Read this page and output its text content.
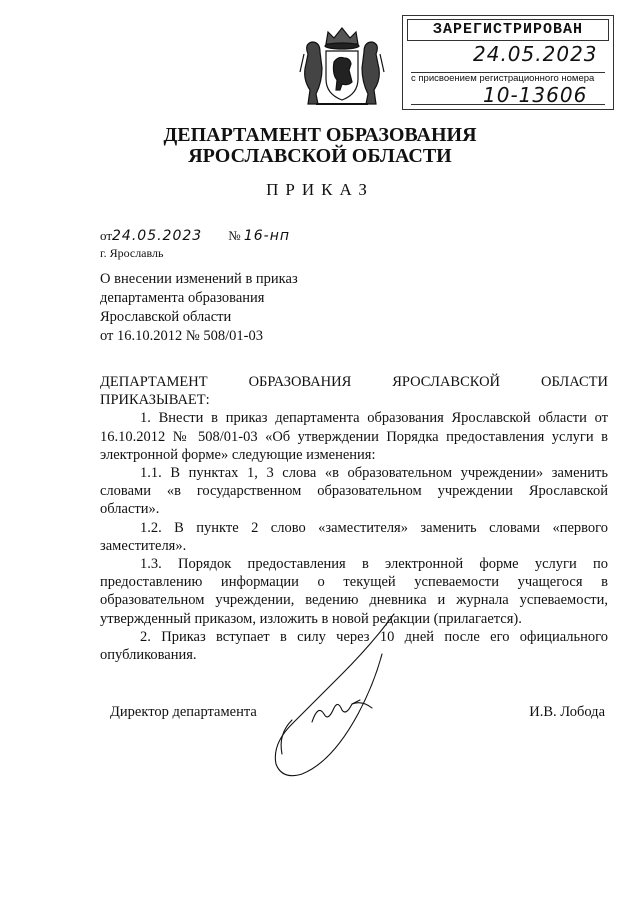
ЗАРЕГИСТРИРОВАН
24.05.2023
с присвоением регистрационного номера
10-13606
ДЕПАРТАМЕНТ ОБРАЗОВАНИЯ
ЯРОСЛАВСКОЙ ОБЛАСТИ
ПРИКАЗ
от24.05.2023 № 16-нп
г. Ярославль
О внесении изменений в приказ
департамента образования
Ярославской области
от 16.10.2012 № 508/01-03

ДЕПАРТАМЕНТ ОБРАЗОВАНИЯ ЯРОСЛАВСКОЙ ОБЛАСТИ

ПРИКАЗЫВАЕТ:

1. Внести в приказ департамента образования Ярославской области от 16.10.2012 № 508/01-03 «Об утверждении Порядка предоставления услуги в электронной форме» следующие изменения:

1.1. В пунктах 1, 3 слова «в образовательном учреждении» заменить словами «в государственном образовательном учреждении Ярославской области».

1.2. В пункте 2 слово «заместителя» заменить словами «первого заместителя».

1.3. Порядок предоставления в электронной форме услуги по предоставлению информации о текущей успеваемости учащегося в образовательном учреждении, ведению дневника и журнала успеваемости, утвержденный приказом, изложить в новой редакции (прилагается).

2. Приказ вступает в силу через 10 дней после его официального опубликования.

Директор департамента	И.В. Лобода
